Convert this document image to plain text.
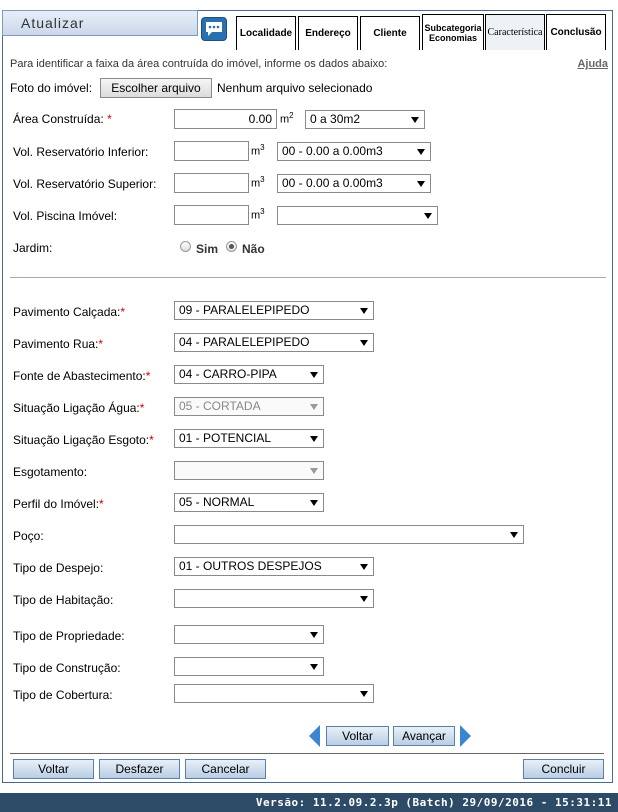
Atualizar
Localidade Endereço Cliente Subcategoria Economias	Característica Conclusão
Para identificar a faixa da área contruída do imóvel, informe os dados abaixo:	Ajuda
Foto do imóvel:	Escolher arquivo	Nenhum arquivo selecionado
Área Construída: *	0.00 $m^2$	0 a 30m2
Vol. Reservatório Inferior:	$m^3$	00 - 0.00 a 0.00m3
Vol. Reservatório Superior:	$m^3$	00 - 0.00 a 0.00m3
Vol. Piscina Imóvel:	$m^3$
Jardim:	Sim Não
Pavimento Calçada:*	09 - PARALELEPIPEDO
Pavimento Rua:*	04 - PARALELEPIPEDO
Fonte de Abastecimento:*	04 - CARRO-PIPA
Situação Ligação Água:*	05 - CORTADA
Situação Ligação Esgoto:*	01 - POTENCIAL
Esgotamento:
Perfil do Imóvel:*	05 - NORMAL
Poço:
Tipo de Despejo:	01 - OUTROS DESPEJOS
Tipo de Habitação:
Tipo de Propriedade:
Tipo de Construção:
Tipo de Cobertura:
Voltar	Avançar
Voltar	Desfazer	Cancelar	Concluir
Versão: 11.2.09.2.3p (Batch) 29/09/2016 - 15:31:11
